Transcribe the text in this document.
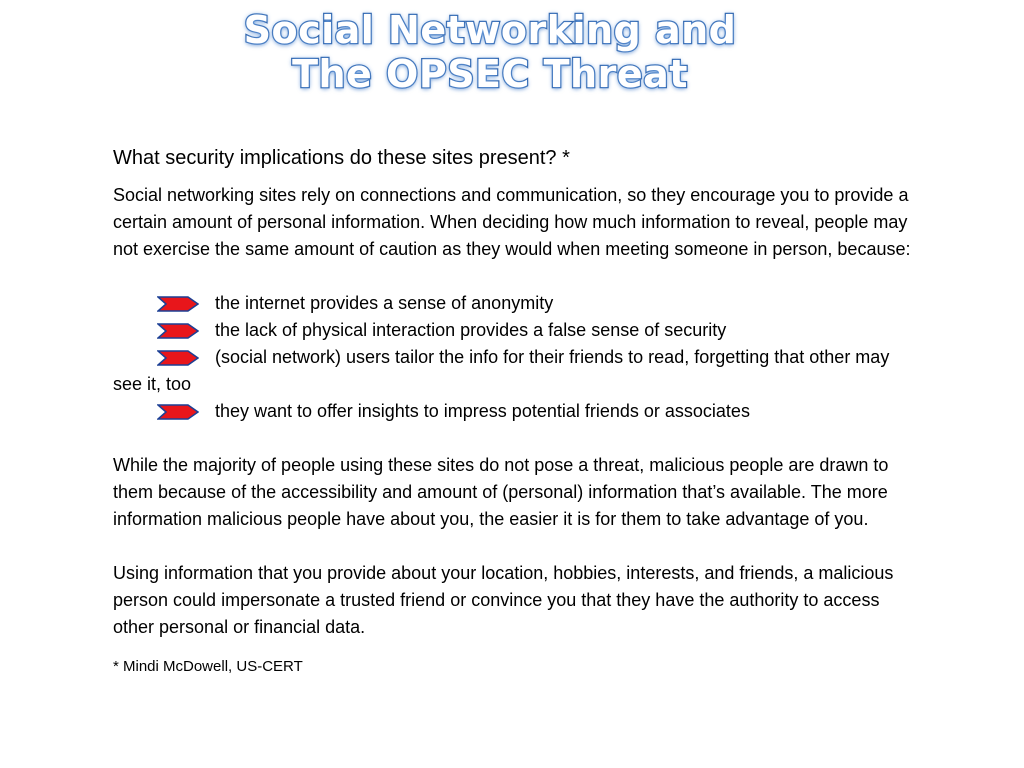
Social Networking and
The OPSEC Threat

What security implications do these sites present? *

Social networking sites rely on connections and communication, so they encourage you to provide a certain amount of personal information. When deciding how much information to reveal, people may not exercise the same amount of caution as they would when meeting someone in person, because:

the internet provides a sense of anonymity
the lack of physical interaction provides a false sense of security
(social network) users tailor the info for their friends to read, forgetting that other may see it, too
they want to offer insights to impress potential friends or associates

While the majority of people using these sites do not pose a threat, malicious people are drawn to them because of the accessibility and amount of (personal) information that’s available. The more information malicious people have about you, the easier it is for them to take advantage of you.

Using information that you provide about your location, hobbies, interests, and friends, a malicious person could impersonate a trusted friend or convince you that they have the authority to access other personal or financial data.

* Mindi McDowell, US-CERT
